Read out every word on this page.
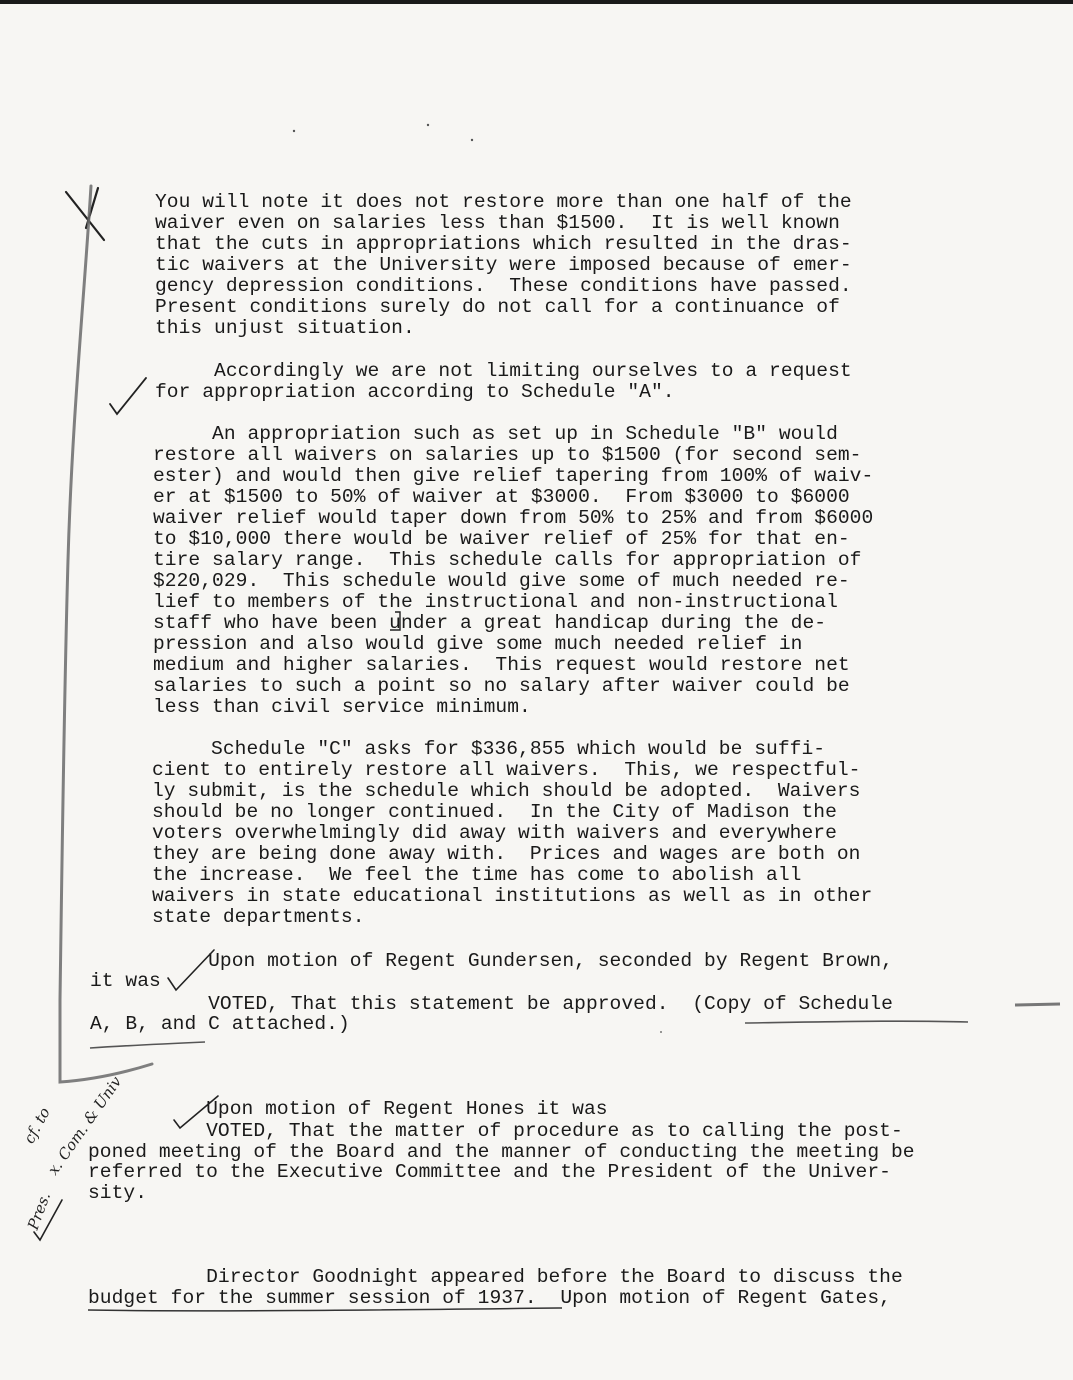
You will note it does not restore more than one half of the
waiver even on salaries less than $1500.  It is well known
that the cuts in appropriations which resulted in the dras-
tic waivers at the University were imposed because of emer-
gency depression conditions.  These conditions have passed.
Present conditions surely do not call for a continuance of
this unjust situation.
Accordingly we are not limiting ourselves to a request
for appropriation according to Schedule "A".
An appropriation such as set up in Schedule "B" would
restore all waivers on salaries up to $1500 (for second sem-
ester) and would then give relief tapering from 100% of waiv-
er at $1500 to 50% of waiver at $3000.  From $3000 to $6000
waiver relief would taper down from 50% to 25% and from $6000
to $10,000 there would be waiver relief of 25% for that en-
tire salary range.  This schedule calls for appropriation of
$220,029.  This schedule would give some of much needed re-
lief to members of the instructional and non-instructional
staff who have been under a great handicap during the de-
pression and also would give some much needed relief in
medium and higher salaries.  This request would restore net
salaries to such a point so no salary after waiver could be
less than civil service minimum.
Schedule "C" asks for $336,855 which would be suffi-
cient to entirely restore all waivers.  This, we respectful-
ly submit, is the schedule which should be adopted.  Waivers
should be no longer continued.  In the City of Madison the
voters overwhelmingly did away with waivers and everywhere
they are being done away with.  Prices and wages are both on
the increase.  We feel the time has come to abolish all
waivers in state educational institutions as well as in other
state departments.
Upon motion of Regent Gundersen, seconded by Regent Brown,
it was
VOTED, That this statement be approved.  (Copy of Schedule
A, B, and C attached.)
Upon motion of Regent Hones it was
VOTED, That the matter of procedure as to calling the post-
poned meeting of the Board and the manner of conducting the meeting be
referred to the Executive Committee and the President of the Univer-
sity.
Director Goodnight appeared before the Board to discuss the
budget for the summer session of 1937.  Upon motion of Regent Gates,
cf. to
x. Com. & Univ
Pres.
